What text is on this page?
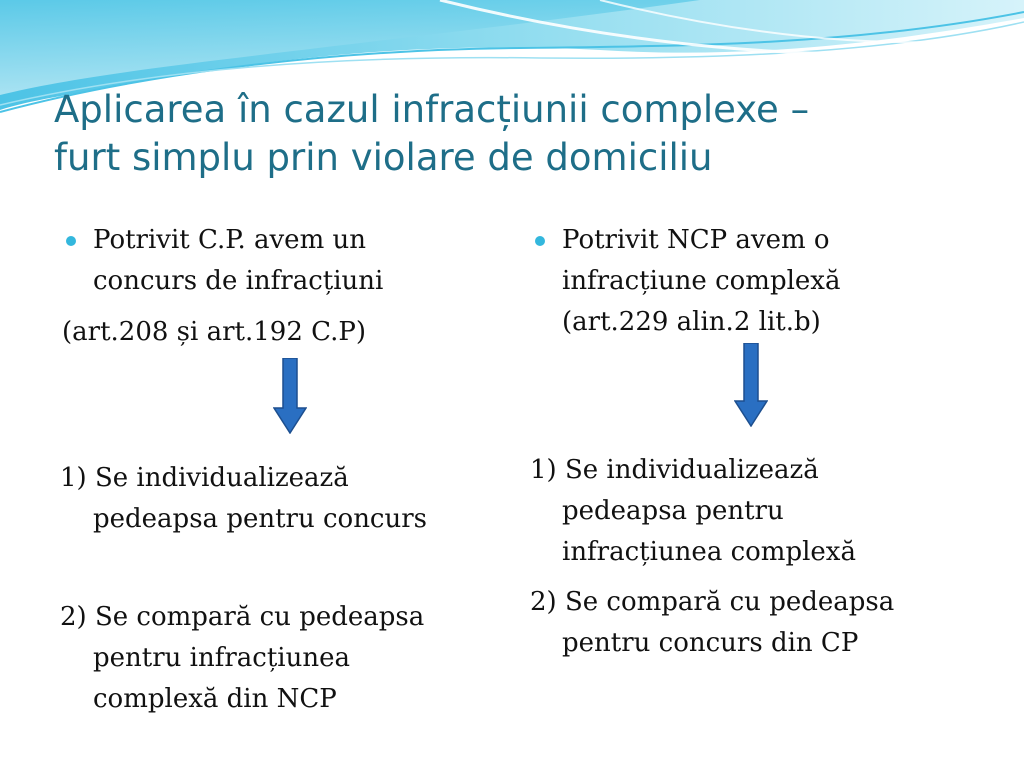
Aplicarea în cazul infracțiunii complexe –
furt simplu prin violare de domiciliu
Potrivit C.P. avem un
concurs de infracțiuni
(art.208 și art.192 C.P)
1) Se individualizează
pedeapsa pentru concurs
2) Se compară cu pedeapsa
pentru infracțiunea
complexă din NCP
Potrivit NCP avem o
infracțiune complexă
(art.229 alin.2 lit.b)
1) Se individualizează
pedeapsa pentru
infracțiunea complexă
2) Se compară cu pedeapsa
pentru concurs din CP
